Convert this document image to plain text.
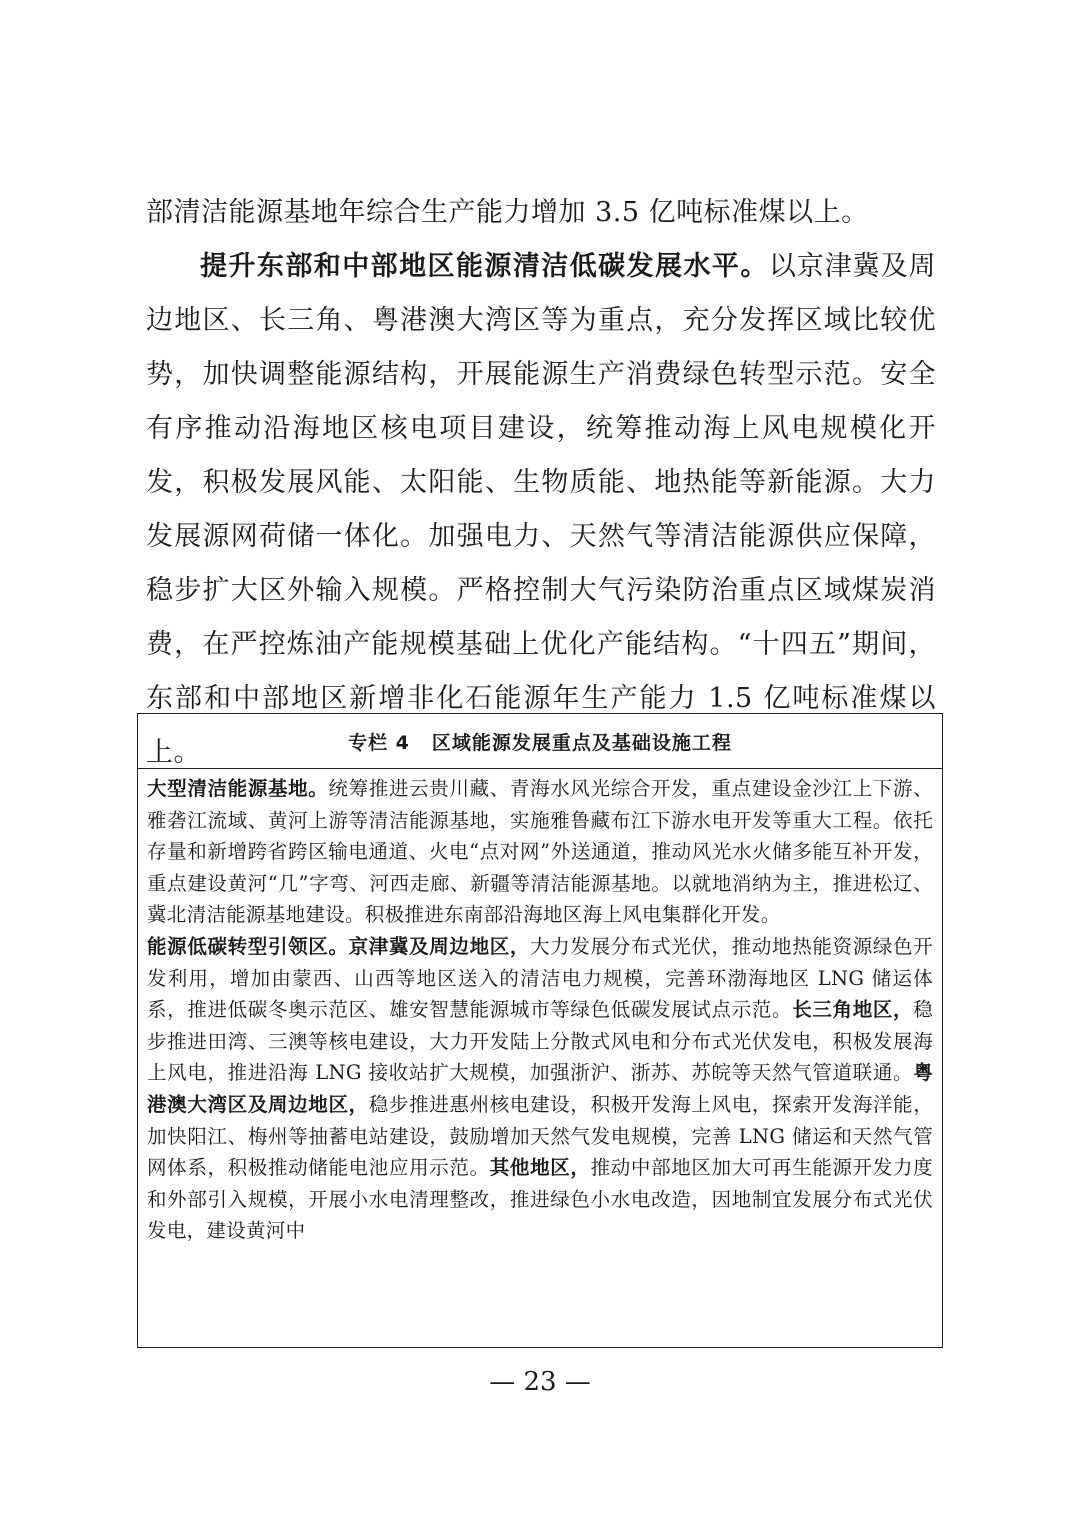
部清洁能源基地年综合生产能力增加 3.5 亿吨标准煤以上。

提升东部和中部地区能源清洁低碳发展水平。以京津冀及周边地区、长三角、粤港澳大湾区等为重点，充分发挥区域比较优势，加快调整能源结构，开展能源生产消费绿色转型示范。安全有序推动沿海地区核电项目建设，统筹推动海上风电规模化开发，积极发展风能、太阳能、生物质能、地热能等新能源。大力发展源网荷储一体化。加强电力、天然气等清洁能源供应保障，稳步扩大区外输入规模。严格控制大气污染防治重点区域煤炭消费，在严控炼油产能规模基础上优化产能结构。“十四五”期间，东部和中部地区新增非化石能源年生产能力 1.5 亿吨标准煤以上。	专栏 4 区域能源发展重点及基础设施工程

大型清洁能源基地。统筹推进云贵川藏、青海水风光综合开发，重点建设金沙江上下游、雅砻江流域、黄河上游等清洁能源基地，实施雅鲁藏布江下游水电开发等重大工程。依托存量和新增跨省跨区输电通道、火电“点对网”外送通道，推动风光水火储多能互补开发，重点建设黄河“几”字弯、河西走廊、新疆等清洁能源基地。以就地消纳为主，推进松辽、冀北清洁能源基地建设。积极推进东南部沿海地区海上风电集群化开发。

能源低碳转型引领区。京津冀及周边地区，大力发展分布式光伏，推动地热能资源绿色开发利用，增加由蒙西、山西等地区送入的清洁电力规模，完善环渤海地区 LNG 储运体系，推进低碳冬奥示范区、雄安智慧能源城市等绿色低碳发展试点示范。长三角地区，稳步推进田湾、三澳等核电建设，大力开发陆上分散式风电和分布式光伏发电，积极发展海上风电，推进沿海 LNG 接收站扩大规模，加强浙沪、浙苏、苏皖等天然气管道联通。粤港澳大湾区及周边地区，稳步推进惠州核电建设，积极开发海上风电，探索开发海洋能，加快阳江、梅州等抽蓄电站建设，鼓励增加天然气发电规模，完善 LNG 储运和天然气管网体系，积极推动储能电池应用示范。其他地区，推动中部地区加大可再生能源开发力度和外部引入规模，开展小水电清理整改，推进绿色小水电改造，因地制宜发展分布式光伏发电，建设黄河中

— 23 —
